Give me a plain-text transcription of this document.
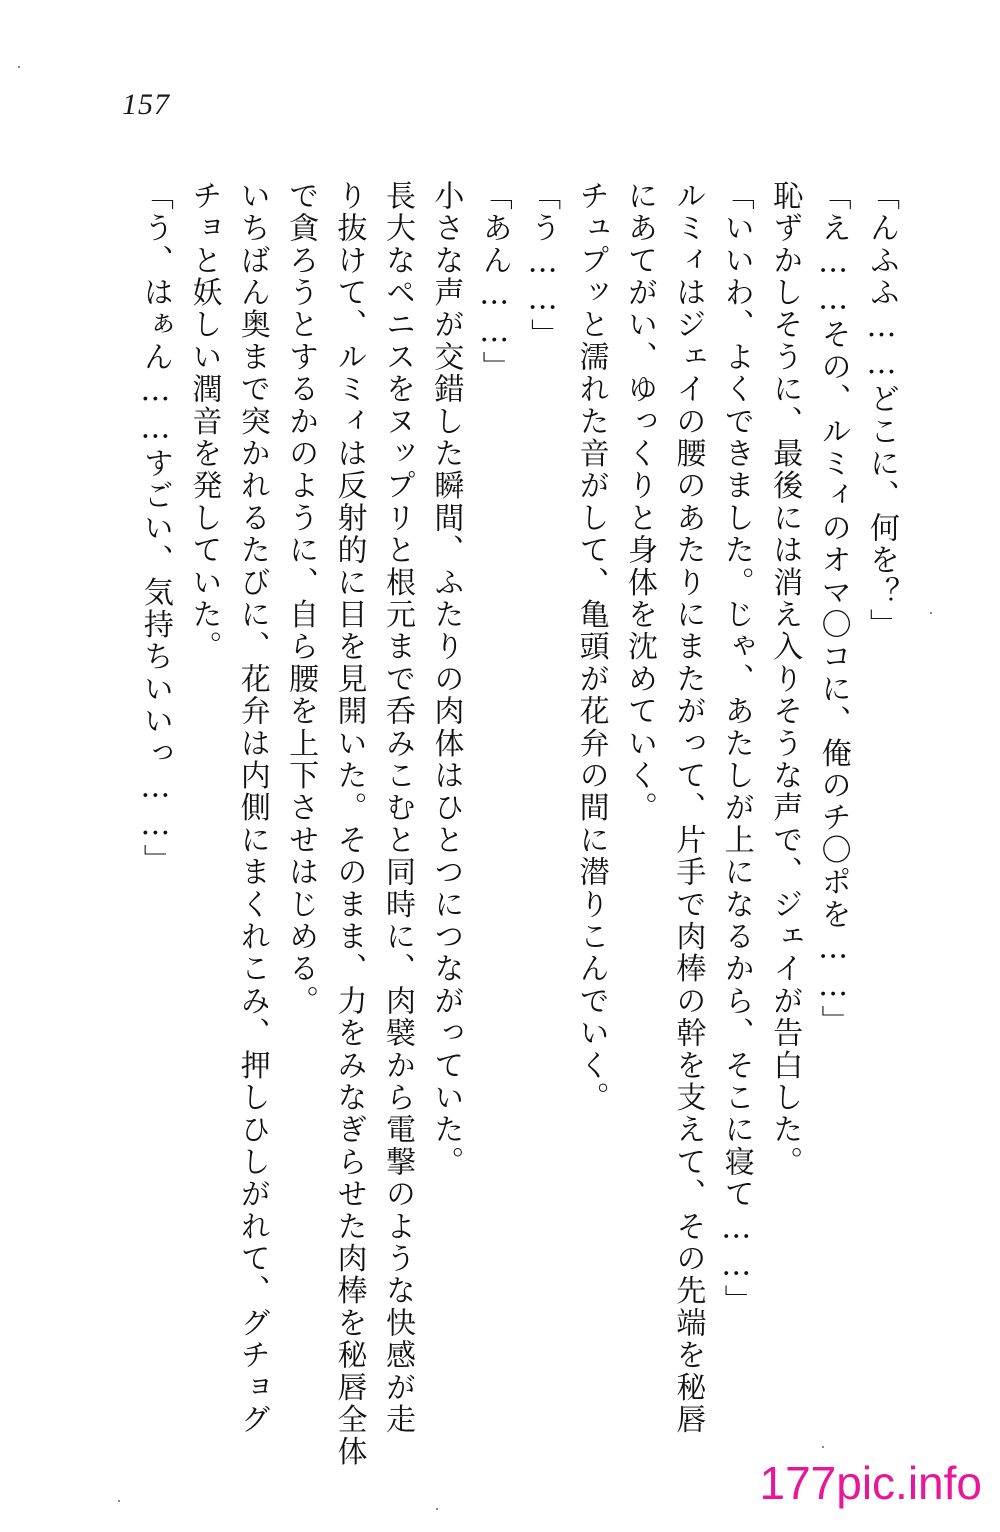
157

「んふふ……どこに、何を？」

「え……その、ルミィのオマ〇コに、俺のチ〇ポを……」

恥ずかしそうに、最後には消え入りそうな声で、ジェイが告白した。

「いいわ、よくできました。じゃ、あたしが上になるから、そこに寝て……」

ルミィはジェイの腰のあたりにまたがって、片手で肉棒の幹を支えて、その先端を秘唇

にあてがい、ゆっくりと身体を沈めていく。

チュプッと濡れた音がして、亀頭が花弁の間に潜りこんでいく。

「う……」

「あん……」

小さな声が交錯した瞬間、ふたりの肉体はひとつにつながっていた。

長大なペニスをヌップリと根元まで呑みこむと同時に、肉襞から電撃のような快感が走

り抜けて、ルミィは反射的に目を見開いた。そのまま、力をみなぎらせた肉棒を秘唇全体

で貪ろうとするかのように、自ら腰を上下させはじめる。

いちばん奥まで突かれるたびに、花弁は内側にまくれこみ、押しひしがれて、グチョグ

チョと妖しい潤音を発していた。

「う、はぁん……すごい、気持ちいいっ……」

177pic.info
